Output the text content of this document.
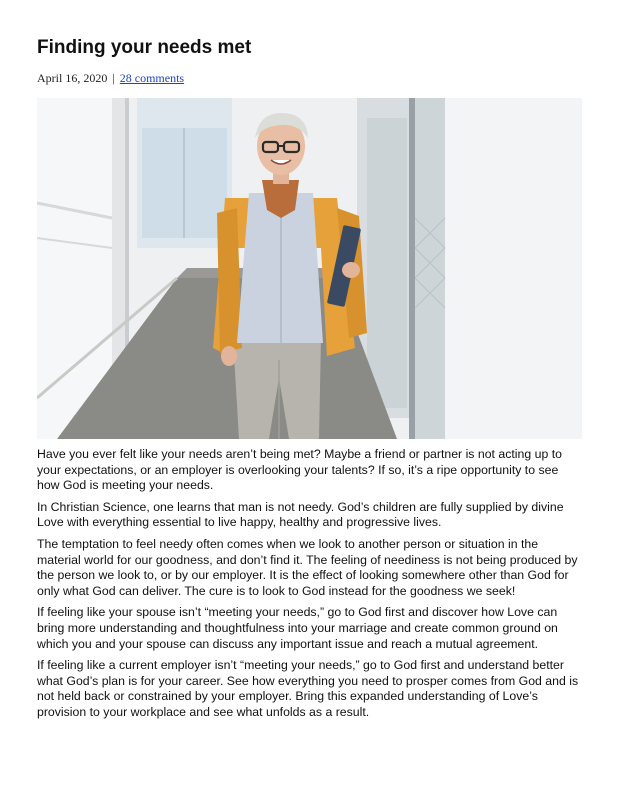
Finding your needs met
April 16, 2020 | 28 comments

Have you ever felt like your needs aren’t being met? Maybe a friend or partner is not acting up to your expectations, or an employer is overlooking your talents? If so, it’s a ripe opportunity to see how God is meeting your needs.

In Christian Science, one learns that man is not needy. God’s children are fully supplied by divine Love with everything essential to live happy, healthy and progressive lives.

The temptation to feel needy often comes when we look to another person or situation in the material world for our goodness, and don’t find it. The feeling of neediness is not being produced by the person we look to, or by our employer. It is the effect of looking somewhere other than God for only what God can deliver. The cure is to look to God instead for the goodness we seek!

If feeling like your spouse isn’t “meeting your needs,” go to God first and discover how Love can bring more understanding and thoughtfulness into your marriage and create common ground on which you and your spouse can discuss any important issue and reach a mutual agreement.

If feeling like a current employer isn’t “meeting your needs,” go to God first and understand better what God’s plan is for your career. See how everything you need to prosper comes from God and is not held back or constrained by your employer. Bring this expanded understanding of Love’s provision to your workplace and see what unfolds as a result.
